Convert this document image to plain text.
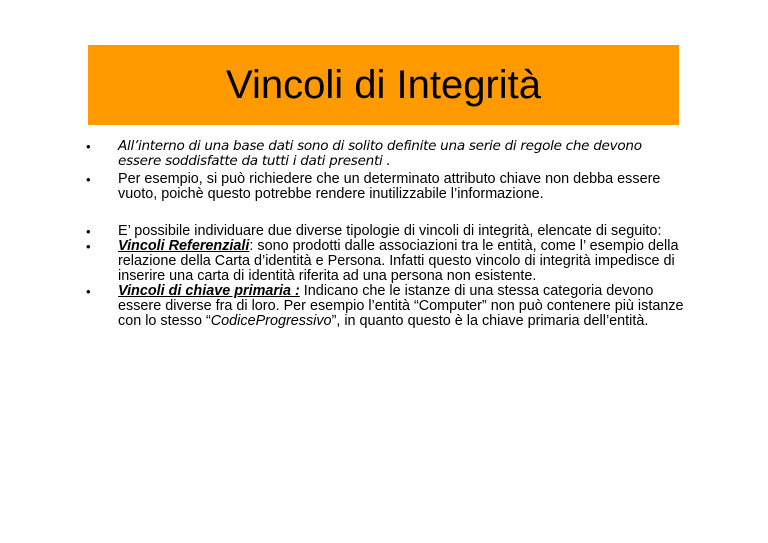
Vincoli di Integrità
•	All’interno di una base dati sono di solito definite una serie di regole che devono essere soddisfatte da tutti i dati presenti .
•	Per esempio, si può richiedere che un determinato attributo chiave non debba essere vuoto, poichè questo potrebbe rendere inutilizzabile l’informazione.
•	E’ possibile individuare due diverse tipologie di vincoli di integrità, elencate di seguito:
•	Vincoli Referenziali: sono prodotti dalle associazioni tra le entità, come l’ esempio della relazione della Carta d’identità e Persona. Infatti questo vincolo di integrità impedisce di inserire una carta di identità riferita ad una persona non esistente.
•	Vincoli di chiave primaria : Indicano che le istanze di una stessa categoria devono essere diverse fra di loro. Per esempio l’entità “Computer” non può contenere più istanze con lo stesso “CodiceProgressivo”, in quanto questo è la chiave primaria dell’entità.
